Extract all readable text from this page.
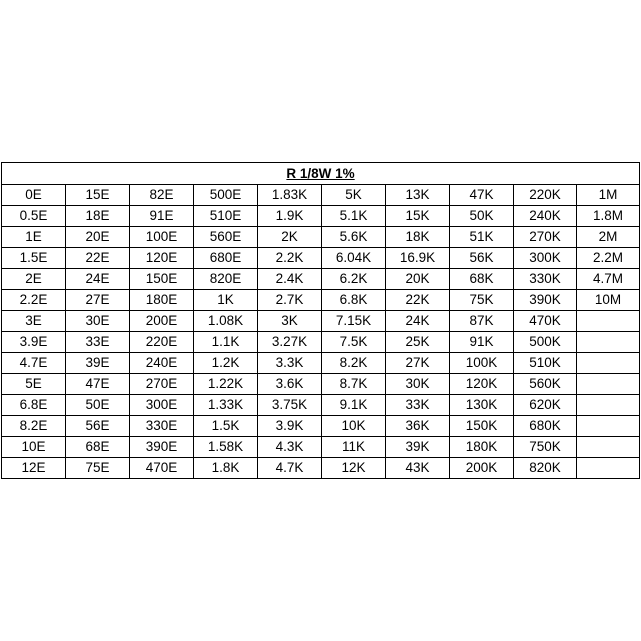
R 1/8W 1%									
0E	15E	82E	500E	1.83K	5K	13K	47K	220K	1M
0.5E	18E	91E	510E	1.9K	5.1K	15K	50K	240K	1.8M
1E	20E	100E	560E	2K	5.6K	18K	51K	270K	2M
1.5E	22E	120E	680E	2.2K	6.04K	16.9K	56K	300K	2.2M
2E	24E	150E	820E	2.4K	6.2K	20K	68K	330K	4.7M
2.2E	27E	180E	1K	2.7K	6.8K	22K	75K	390K	10M
3E	30E	200E	1.08K	3K	7.15K	24K	87K	470K	
3.9E	33E	220E	1.1K	3.27K	7.5K	25K	91K	500K	
4.7E	39E	240E	1.2K	3.3K	8.2K	27K	100K	510K	
5E	47E	270E	1.22K	3.6K	8.7K	30K	120K	560K	
6.8E	50E	300E	1.33K	3.75K	9.1K	33K	130K	620K	
8.2E	56E	330E	1.5K	3.9K	10K	36K	150K	680K	
10E	68E	390E	1.58K	4.3K	11K	39K	180K	750K	
12E	75E	470E	1.8K	4.7K	12K	43K	200K	820K	
